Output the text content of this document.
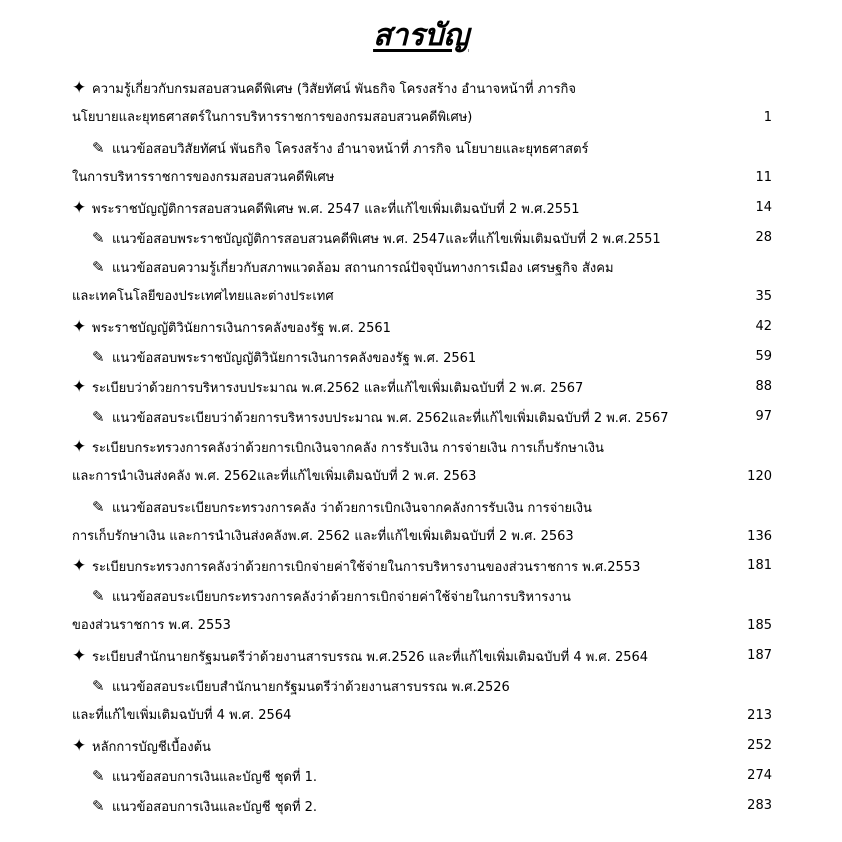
สารบัญ
✦ ความรู้เกี่ยวกับกรมสอบสวนคดีพิเศษ (วิสัยทัศน์ พันธกิจ โครงสร้าง อำนาจหน้าที่ ภารกิจ
นโยบายและยุทธศาสตร์ในการบริหารราชการของกรมสอบสวนคดีพิเศษ)	1
✎ แนวข้อสอบวิสัยทัศน์ พันธกิจ โครงสร้าง อำนาจหน้าที่ ภารกิจ นโยบายและยุทธศาสตร์
ในการบริหารราชการของกรมสอบสวนคดีพิเศษ	11
✦ พระราชบัญญัติการสอบสวนคดีพิเศษ พ.ศ. 2547 และที่แก้ไขเพิ่มเติมฉบับที่ 2 พ.ศ.2551	14
✎ แนวข้อสอบพระราชบัญญัติการสอบสวนคดีพิเศษ พ.ศ. 2547และที่แก้ไขเพิ่มเติมฉบับที่ 2 พ.ศ.2551	28
✎ แนวข้อสอบความรู้เกี่ยวกับสภาพแวดล้อม สถานการณ์ปัจจุบันทางการเมือง เศรษฐกิจ สังคม
และเทคโนโลยีของประเทศไทยและต่างประเทศ	35
✦ พระราชบัญญัติวินัยการเงินการคลังของรัฐ พ.ศ. 2561	42
✎ แนวข้อสอบพระราชบัญญัติวินัยการเงินการคลังของรัฐ พ.ศ. 2561	59
✦ ระเบียบว่าด้วยการบริหารงบประมาณ พ.ศ.2562 และที่แก้ไขเพิ่มเติมฉบับที่ 2 พ.ศ. 2567	88
✎ แนวข้อสอบระเบียบว่าด้วยการบริหารงบประมาณ พ.ศ. 2562และที่แก้ไขเพิ่มเติมฉบับที่ 2 พ.ศ. 2567	97
✦ ระเบียบกระทรวงการคลังว่าด้วยการเบิกเงินจากคลัง การรับเงิน การจ่ายเงิน การเก็บรักษาเงิน
และการนำเงินส่งคลัง พ.ศ. 2562และที่แก้ไขเพิ่มเติมฉบับที่ 2 พ.ศ. 2563	120
✎ แนวข้อสอบระเบียบกระทรวงการคลัง ว่าด้วยการเบิกเงินจากคลังการรับเงิน การจ่ายเงิน
การเก็บรักษาเงิน และการนำเงินส่งคลังพ.ศ. 2562 และที่แก้ไขเพิ่มเติมฉบับที่ 2 พ.ศ. 2563	136
✦ ระเบียบกระทรวงการคลังว่าด้วยการเบิกจ่ายค่าใช้จ่ายในการบริหารงานของส่วนราชการ พ.ศ.2553	181
✎ แนวข้อสอบระเบียบกระทรวงการคลังว่าด้วยการเบิกจ่ายค่าใช้จ่ายในการบริหารงาน
ของส่วนราชการ พ.ศ. 2553	185
✦ ระเบียบสำนักนายกรัฐมนตรีว่าด้วยงานสารบรรณ พ.ศ.2526 และที่แก้ไขเพิ่มเติมฉบับที่ 4 พ.ศ. 2564	187
✎ แนวข้อสอบระเบียบสำนักนายกรัฐมนตรีว่าด้วยงานสารบรรณ พ.ศ.2526
และที่แก้ไขเพิ่มเติมฉบับที่ 4 พ.ศ. 2564	213
✦ หลักการบัญชีเบื้องต้น	252
✎ แนวข้อสอบการเงินและบัญชี ชุดที่ 1.	274
✎ แนวข้อสอบการเงินและบัญชี ชุดที่ 2.	283
